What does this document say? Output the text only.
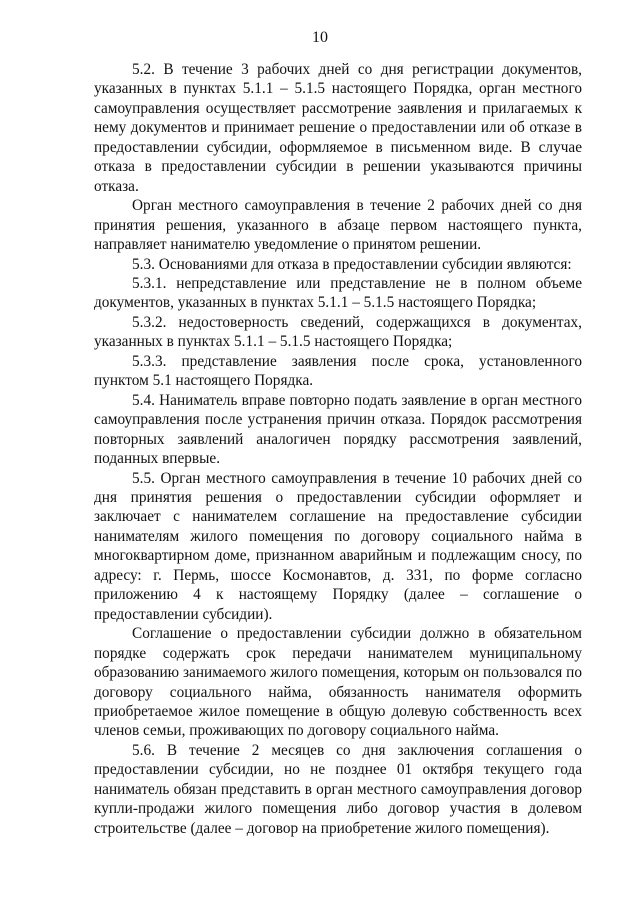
10

5.2. В течение 3 рабочих дней со дня регистрации документов, указанных в пунктах 5.1.1 – 5.1.5 настоящего Порядка, орган местного самоуправления осуществляет рассмотрение заявления и прилагаемых к нему документов и принимает решение о предоставлении или об отказе в предоставлении субсидии, оформляемое в письменном виде. В случае отказа в предоставлении субсидии в решении указываются причины отказа.

Орган местного самоуправления в течение 2 рабочих дней со дня принятия решения, указанного в абзаце первом настоящего пункта, направляет нанимателю уведомление о принятом решении.

5.3. Основаниями для отказа в предоставлении субсидии являются:

5.3.1. непредставление или представление не в полном объеме документов, указанных в пунктах 5.1.1 – 5.1.5 настоящего Порядка;

5.3.2. недостоверность сведений, содержащихся в документах, указанных в пунктах 5.1.1 – 5.1.5 настоящего Порядка;

5.3.3. представление заявления после срока, установленного пунктом 5.1 настоящего Порядка.

5.4. Наниматель вправе повторно подать заявление в орган местного самоуправления после устранения причин отказа. Порядок рассмотрения повторных заявлений аналогичен порядку рассмотрения заявлений, поданных впервые.

5.5. Орган местного самоуправления в течение 10 рабочих дней со дня принятия решения о предоставлении субсидии оформляет и заключает с нанимателем соглашение на предоставление субсидии нанимателям жилого помещения по договору социального найма в многоквартирном доме, признанном аварийным и подлежащим сносу, по адресу: г. Пермь, шоссе Космонавтов, д. 331, по форме согласно приложению 4 к настоящему Порядку (далее – соглашение о предоставлении субсидии).

Соглашение о предоставлении субсидии должно в обязательном порядке содержать срок передачи нанимателем муниципальному образованию занимаемого жилого помещения, которым он пользовался по договору социального найма, обязанность нанимателя оформить приобретаемое жилое помещение в общую долевую собственность всех членов семьи, проживающих по договору социального найма.

5.6. В течение 2 месяцев со дня заключения соглашения о предоставлении субсидии, но не позднее 01 октября текущего года наниматель обязан представить в орган местного самоуправления договор купли-продажи жилого помещения либо договор участия в долевом строительстве (далее – договор на приобретение жилого помещения).
